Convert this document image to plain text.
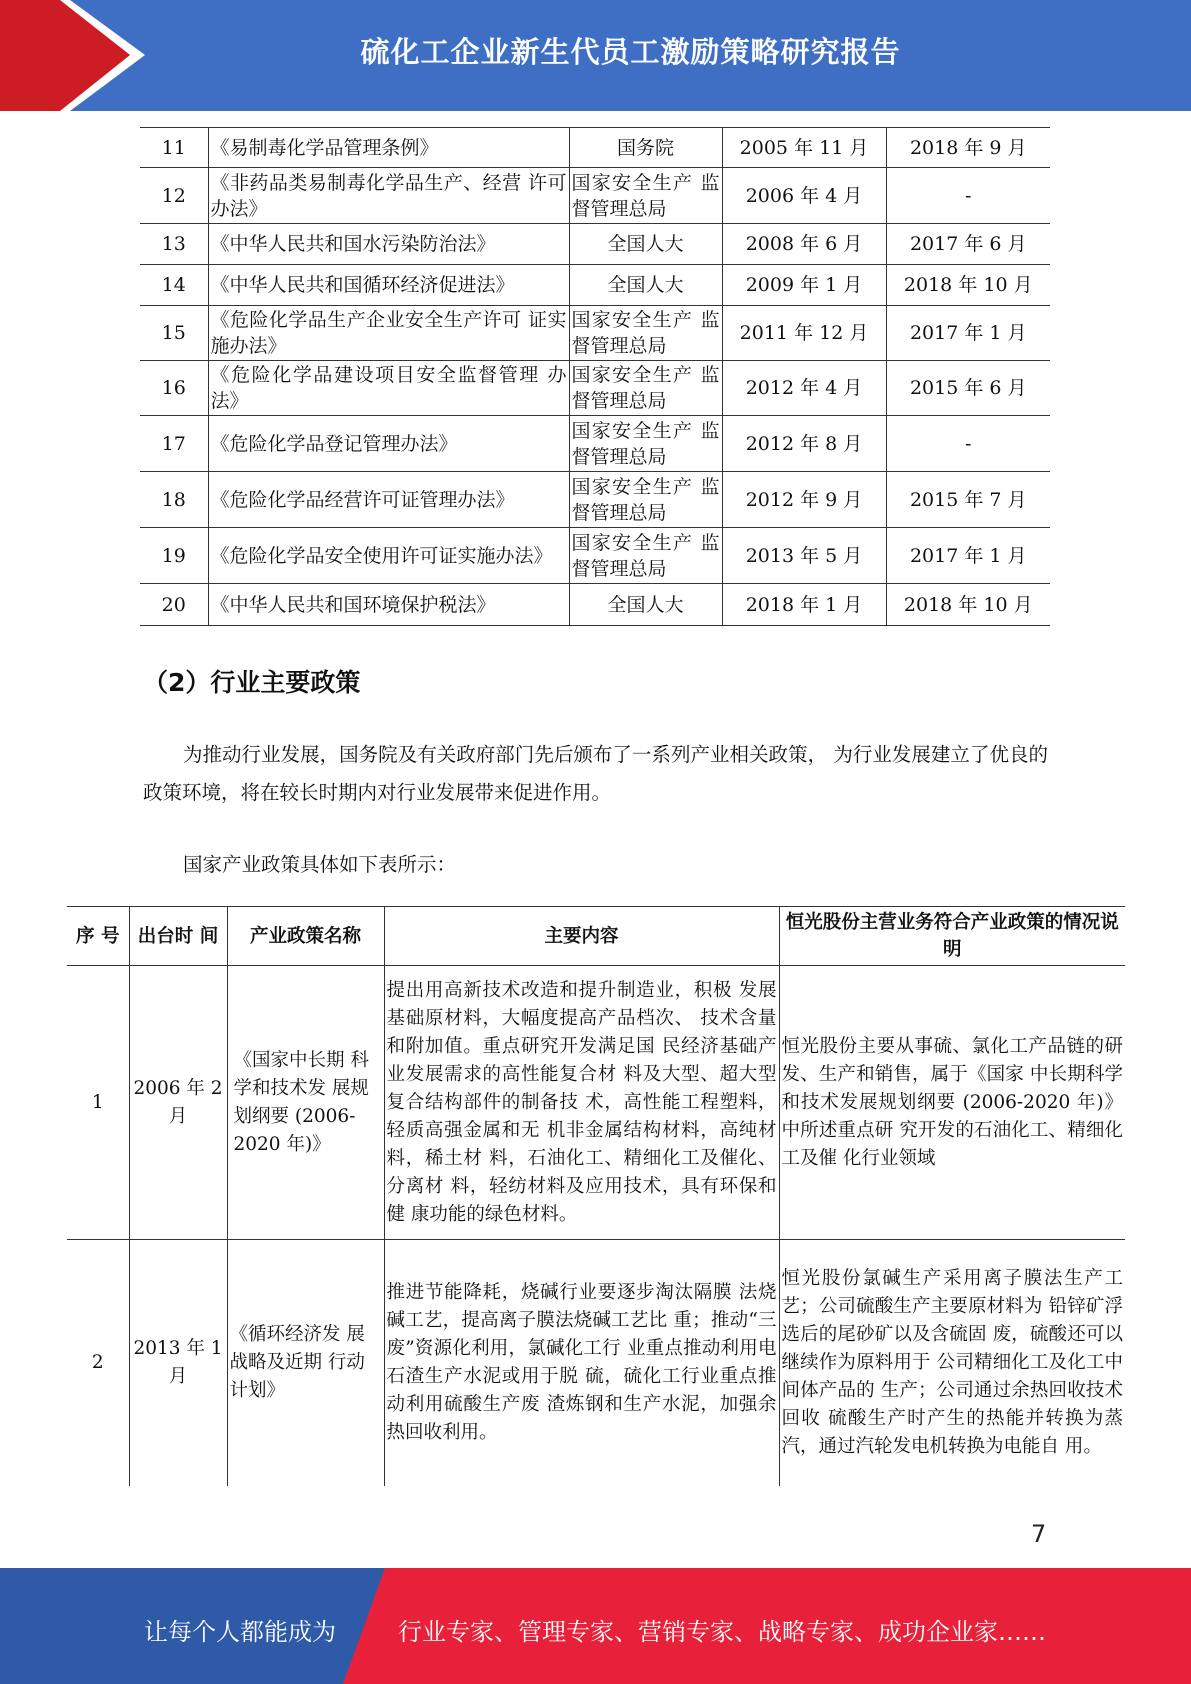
硫化工企业新生代员工激励策略研究报告
11	《易制毒化学品管理条例》	国务院	2005 年 11 月	2018 年 9 月
12	《非药品类易制毒化学品生产、经营 许可办法》	国家安全生产 监督管理总局	2006 年 4 月	-
13	《中华人民共和国水污染防治法》	全国人大	2008 年 6 月	2017 年 6 月
14	《中华人民共和国循环经济促进法》	全国人大	2009 年 1 月	2018 年 10 月
15	《危险化学品生产企业安全生产许可 证实施办法》	国家安全生产 监督管理总局	2011 年 12 月	2017 年 1 月
16	《危险化学品建设项目安全监督管理 办法》	国家安全生产 监督管理总局	2012 年 4 月	2015 年 6 月
17	《危险化学品登记管理办法》	国家安全生产 监督管理总局	2012 年 8 月	-
18	《危险化学品经营许可证管理办法》	国家安全生产 监督管理总局	2012 年 9 月	2015 年 7 月
19	《危险化学品安全使用许可证实施办法》	国家安全生产 监督管理总局	2013 年 5 月	2017 年 1 月
20	《中华人民共和国环境保护税法》	全国人大	2018 年 1 月	2018 年 10 月
（2）行业主要政策
为推动行业发展，国务院及有关政府部门先后颁布了一系列产业相关政策， 为行业发展建立了优良的政策环境，将在较长时期内对行业发展带来促进作用。
国家产业政策具体如下表所示：
序 号	出台时 间	产业政策名称	主要内容	恒光股份主营业务符合产业政策的情况说明
1	2006 年 2 月	《国家中长期 科学和技术发 展规划纲要 (2006-2020 年)》	提出用高新技术改造和提升制造业，积极 发展基础原材料，大幅度提高产品档次、 技术含量和附加值。重点研究开发满足国 民经济基础产业发展需求的高性能复合材 料及大型、超大型复合结构部件的制备技 术，高性能工程塑料，轻质高强金属和无 机非金属结构材料，高纯材料，稀土材 料，石油化工、精细化工及催化、分离材 料，轻纺材料及应用技术，具有环保和健 康功能的绿色材料。	恒光股份主要从事硫、氯化工产品链的研发、生产和销售，属于《国家 中长期科学和技术发展规划纲要 (2006-2020 年)》中所述重点研 究开发的石油化工、精细化工及催 化行业领域
2	2013 年 1 月	《循环经济发 展战略及近期 行动计划》	推进节能降耗，烧碱行业要逐步淘汰隔膜 法烧碱工艺，提高离子膜法烧碱工艺比 重；推动“三废”资源化利用，氯碱化工行 业重点推动利用电石渣生产水泥或用于脱 硫，硫化工行业重点推动利用硫酸生产废 渣炼钢和生产水泥，加强余热回收利用。	恒光股份氯碱生产采用离子膜法生产工艺；公司硫酸生产主要原材料为 铅锌矿浮选后的尾砂矿以及含硫固 废，硫酸还可以继续作为原料用于 公司精细化工及化工中间体产品的 生产；公司通过余热回收技术回收 硫酸生产时产生的热能并转换为蒸 汽，通过汽轮发电机转换为电能自 用。
7
让每个人都能成为	行业专家、管理专家、营销专家、战略专家、成功企业家……
